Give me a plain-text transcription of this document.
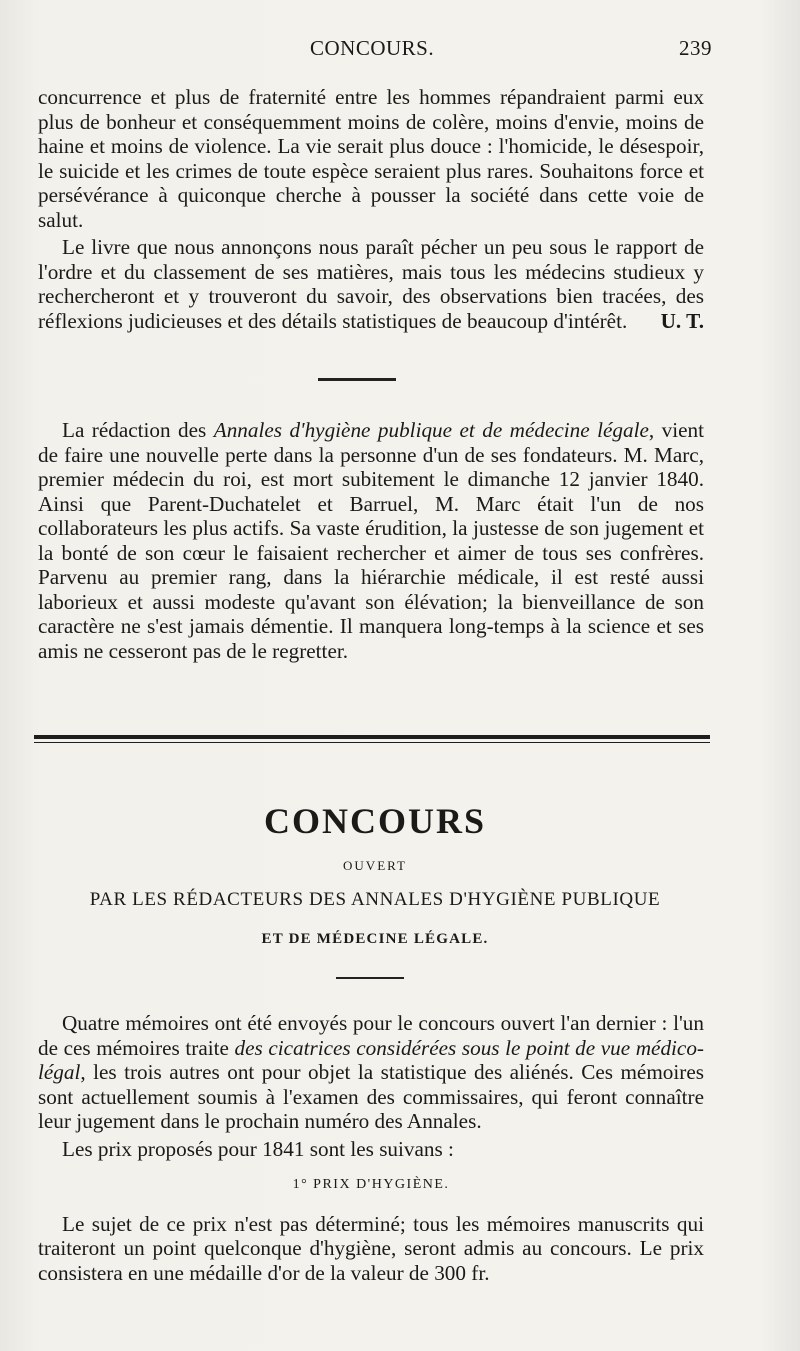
CONCOURS.	239

concurrence et plus de fraternité entre les hommes répandraient parmi eux plus de bonheur et conséquemment moins de colère, moins d'envie, moins de haine et moins de violence. La vie serait plus douce : l'homicide, le désespoir, le suicide et les crimes de toute espèce seraient plus rares. Souhaitons force et persévérance à quiconque cherche à pousser la société dans cette voie de salut.

Le livre que nous annonçons nous paraît pécher un peu sous le rapport de l'ordre et du classement de ses matières, mais tous les médecins studieux y rechercheront et y trouveront du savoir, des observations bien tracées, des réflexions judicieuses et des détails statistiques de beaucoup d'intérêt.	U. T.

La rédaction des Annales d'hygiène publique et de médecine légale, vient de faire une nouvelle perte dans la personne d'un de ses fondateurs. M. Marc, premier médecin du roi, est mort subitement le dimanche 12 janvier 1840. Ainsi que Parent-Duchatelet et Barruel, M. Marc était l'un de nos collaborateurs les plus actifs. Sa vaste érudition, la justesse de son jugement et la bonté de son cœur le faisaient rechercher et aimer de tous ses confrères. Parvenu au premier rang, dans la hiérarchie médicale, il est resté aussi laborieux et aussi modeste qu'avant son élévation; la bienveillance de son caractère ne s'est jamais démentie. Il manquera long-temps à la science et ses amis ne cesseront pas de le regretter.

CONCOURS
OUVERT
PAR LES RÉDACTEURS DES ANNALES D'HYGIÈNE PUBLIQUE
ET DE MÉDECINE LÉGALE.

Quatre mémoires ont été envoyés pour le concours ouvert l'an dernier : l'un de ces mémoires traite des cicatrices considérées sous le point de vue médico-légal, les trois autres ont pour objet la statistique des aliénés. Ces mémoires sont actuellement soumis à l'examen des commissaires, qui feront connaître leur jugement dans le prochain numéro des Annales.

Les prix proposés pour 1841 sont les suivans :

1° PRIX D'HYGIÈNE.

Le sujet de ce prix n'est pas déterminé; tous les mémoires manuscrits qui traiteront un point quelconque d'hygiène, seront admis au concours. Le prix consistera en une médaille d'or de la valeur de 300 fr.
